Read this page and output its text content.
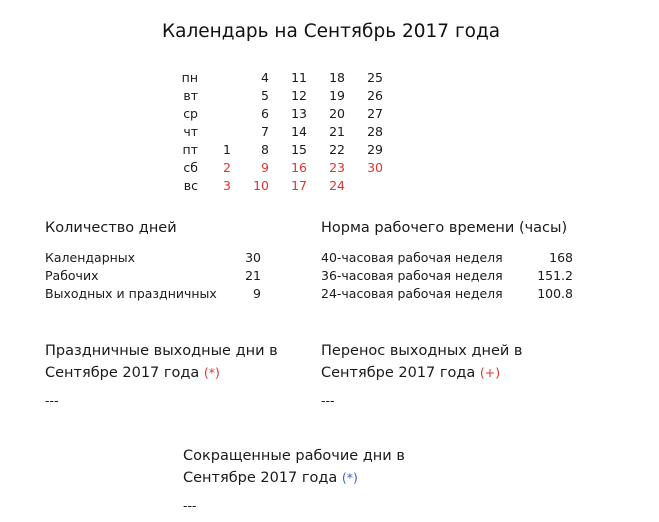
Календарь на Сентябрь 2017 года
пн		4	11	18	25
вт		5	12	19	26
ср		6	13	20	27
чт		7	14	21	28
пт	1	8	15	22	29
сб	2	9	16	23	30
вс	3	10	17	24	
Количество дней
Календарных	30
Рабочих	21
Выходных и праздничных	9
Норма рабочего времени (часы)
40-часовая рабочая неделя	168
36-часовая рабочая неделя	151.2
24-часовая рабочая неделя	100.8
Праздничные выходные дни в
Сентябре 2017 года (*)
---
Перенос выходных дней в
Сентябре 2017 года (+)
---
Сокращенные рабочие дни в
Сентябре 2017 года (*)
---
